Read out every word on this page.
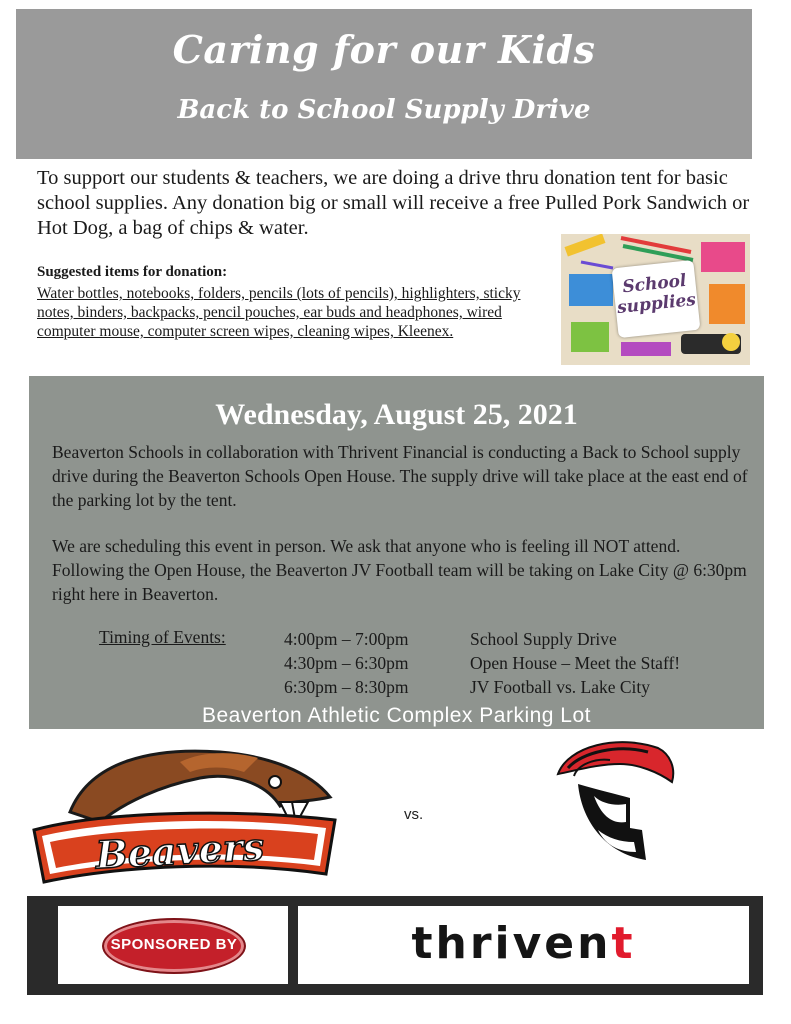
Caring for our Kids
Back to School Supply Drive
To support our students & teachers, we are doing a drive thru donation tent for basic school supplies. Any donation big or small will receive a free Pulled Pork Sandwich or Hot Dog, a bag of chips & water.
Suggested items for donation:
Water bottles, notebooks, folders, pencils (lots of pencils), highlighters, sticky notes, binders, backpacks, pencil pouches, ear buds and headphones, wired computer mouse, computer screen wipes, cleaning wipes, Kleenex.
School supplies
Wednesday, August 25, 2021
Beaverton Schools in collaboration with Thrivent Financial is conducting a Back to School supply drive during the Beaverton Schools Open House. The supply drive will take place at the east end of the parking lot by the tent.
We are scheduling this event in person. We ask that anyone who is feeling ill NOT attend. Following the Open House, the Beaverton JV Football team will be taking on Lake City @ 6:30pm right here in Beaverton.
Timing of Events:	4:00pm – 7:00pm	School Supply Drive
4:30pm – 6:30pm	Open House – Meet the Staff!
6:30pm – 8:30pm	JV Football vs. Lake City
Beaverton Athletic Complex Parking Lot
Beavers
vs.
SPONSORED BY	thrivent
